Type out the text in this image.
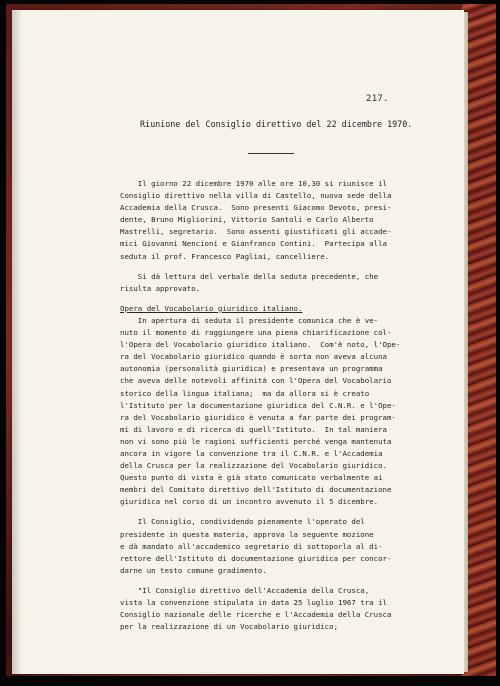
217.
Riunione del Consiglio direttivo del 22 dicembre 1970.
Il giorno 22 dicembre 1970 alle ore 10,30 si riunisce il
Consiglio direttivo nella villa di Castello, nuova sede della
Accademia della Crusca.  Sono presenti Giacomo Devoto, presi-
dente, Bruno Migliorini, Vittorio Santoli e Carlo Alberto
Mastrelli, segretario.  Sono assenti giustificati gli accade-
mici Giovanni Nencioni e Gianfranco Contini.  Partecipa alla
seduta il prof. Francesco Pagliai, cancelliere.
Si dà lettura del verbale della seduta precedente, che
risulta approvato.
Opera del Vocabolario giuridico italiano.
In apertura di seduta il presidente comunica che è ve-
nuto il momento di raggiungere una piena chiarificazione col-
l'Opera del Vocabolario giuridico italiano.  Com'è noto, l'Ope-
ra del Vocabolario giuridico quando è sorta non aveva alcuna
autonomia (personalità giuridica) e presentava un programma
che aveva delle notevoli affinità con l'Opera del Vocabolario
storico della lingua italiana;  ma da allora si è creato
l'Istituto per la documentazione giuridica del C.N.R. e l'Ope-
ra del Vocabolario giuridico è venuta a far parte dei program-
mi di lavoro e di ricerca di quell'Istituto.  In tal maniera
non vi sono più le ragioni sufficienti perché venga mantenuta
ancora in vigore la convenzione tra il C.N.R. e l'Accademia
della Crusca per la realizzazione del Vocabolario giuridico.
Questo punto di vista è già stato comunicato verbalmente ai
membri del Comitato direttivo dell'Istituto di documentazione
giuridica nel corso di un incontro avvenuto il 5 dicembre.
Il Consiglio, condividendo pienamente l'operato del
presidente in questa materia, approva la seguente mozione
e dà mandato all'accademico segretario di sottoporla al di-
rettore dell'Istituto di documentazione giuridica per concor-
darne un testo comune gradimento.
"Il Consiglio direttivo dell'Accademia della Crusca,
vista la convenzione stipulata in data 25 luglio 1967 tra il
Consiglio nazionale delle ricerche e l'Accademia della Crusca
per la realizzazione di un Vocabolario giuridico;
